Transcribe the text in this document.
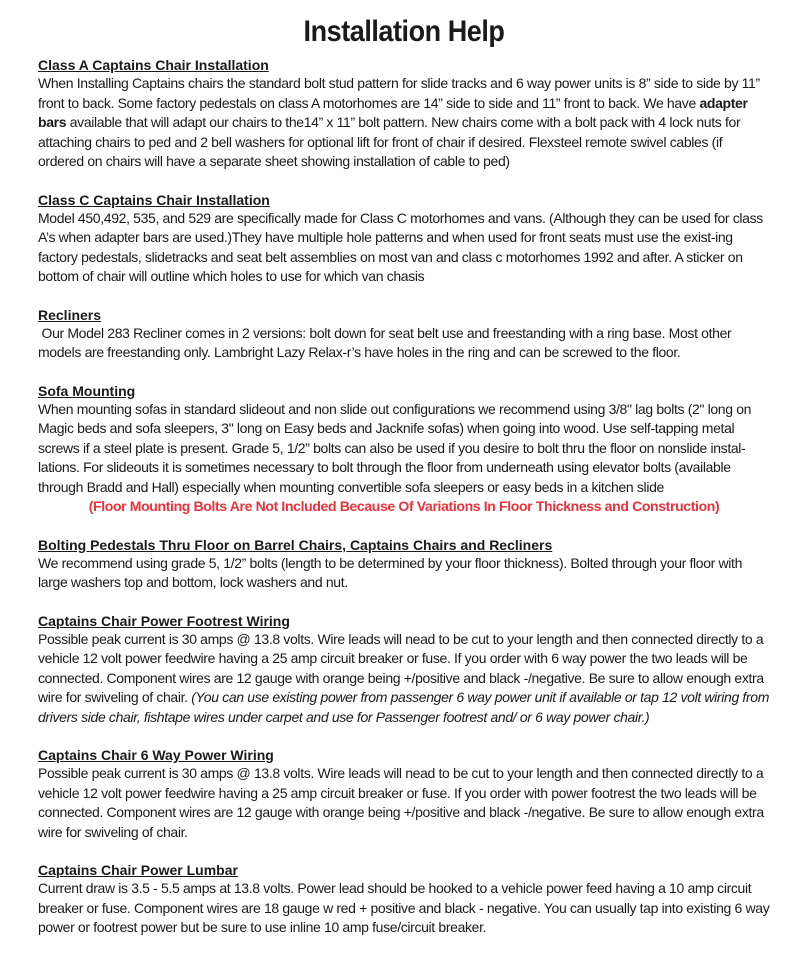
Installation Help

Class A Captains Chair Installation

When Installing Captains chairs the standard bolt stud pattern for slide tracks and 6 way power units is 8” side to side by 11” front to back. Some factory pedestals on class A motorhomes are 14” side to side and 11” front to back. We have adapter bars available that will adapt our chairs to the14” x 11” bolt pattern. New chairs come with a bolt pack with 4 lock nuts for attaching chairs to ped and 2 bell washers for optional lift for front of chair if desired. Flexsteel remote swivel cables (if ordered on chairs will have a separate sheet showing installation of cable to ped)

Class C Captains Chair Installation

Model 450,492, 535, and 529 are specifically made for Class C motorhomes and vans. (Although they can be used for class A’s when adapter bars are used.)They have multiple hole patterns and when used for front seats must use the exist-ing factory pedestals, slidetracks and seat belt assemblies on most van and class c motorhomes 1992 and after. A sticker on bottom of chair will outline which holes to use for which van chasis

Recliners

Our Model 283 Recliner comes in 2 versions: bolt down for seat belt use and freestanding with a ring base. Most other models are freestanding only. Lambright Lazy Relax-r’s have holes in the ring and can be screwed to the floor.

Sofa Mounting

When mounting sofas in standard slideout and non slide out configurations we recommend using 3/8" lag bolts (2" long on Magic beds and sofa sleepers, 3" long on Easy beds and Jacknife sofas) when going into wood. Use self-tapping metal screws if a steel plate is present. Grade 5, 1/2” bolts can also be used if you desire to bolt thru the floor on nonslide instal-lations. For slideouts it is sometimes necessary to bolt through the floor from underneath using elevator bolts (available through Bradd and Hall) especially when mounting convertible sofa sleepers or easy beds in a kitchen slide

(Floor Mounting Bolts Are Not Included Because Of Variations In Floor Thickness and Construction)

Bolting Pedestals Thru Floor on Barrel Chairs, Captains Chairs and Recliners

We recommend using grade 5, 1/2” bolts (length to be determined by your floor thickness). Bolted through your floor with large washers top and bottom, lock washers and nut.

Captains Chair Power Footrest Wiring

Possible peak current is 30 amps @ 13.8 volts. Wire leads will nead to be cut to your length and then connected directly to a vehicle 12 volt power feedwire having a 25 amp circuit breaker or fuse. If you order with 6 way power the two leads will be connected. Component wires are 12 gauge with orange being +/positive and black -/negative. Be sure to allow enough extra wire for swiveling of chair. (You can use existing power from passenger 6 way power unit if available or tap 12 volt wiring from drivers side chair, fishtape wires under carpet and use for Passenger footrest and/ or 6 way power chair.)

Captains Chair 6 Way Power Wiring

Possible peak current is 30 amps @ 13.8 volts. Wire leads will nead to be cut to your length and then connected directly to a vehicle 12 volt power feedwire having a 25 amp circuit breaker or fuse. If you order with power footrest the two leads will be connected. Component wires are 12 gauge with orange being +/positive and black -/negative. Be sure to allow enough extra wire for swiveling of chair.

Captains Chair Power Lumbar

Current draw is 3.5 - 5.5 amps at 13.8 volts. Power lead should be hooked to a vehicle power feed having a 10 amp circuit breaker or fuse. Component wires are 18 gauge w red + positive and black - negative. You can usually tap into existing 6 way power or footrest power but be sure to use inline 10 amp fuse/circuit breaker.
